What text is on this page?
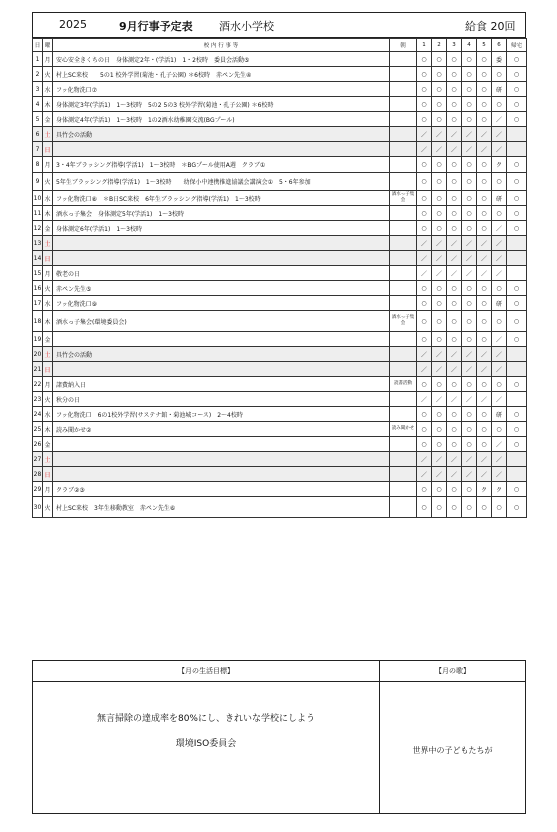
2025	9月行事予定表 酒水小学校	給食 20回
日	曜	校 内 行 事 等	朝	1	2	3	4	5	6	帰宅
1	月	安心安全きくちの日　身体測定2年・(学活1)　1・2校時　委員会活動⑤		○	○	○	○	○	委	○
2	火	村上SC来校　　5の1 校外学習(菊池・孔子公園) ＊6校時　赤ペン先生④		○	○	○	○	○	○	○
3	水	フッ化物洗口⑦		○	○	○	○	○	研	○
4	木	身体測定3年(学活1)　1～3校時　5の2 5の3 校外学習(菊池・孔子公園) ＊6校時		○	○	○	○	○	○	○
5	金	身体測定4年(学活1)　1～3校時　1の2酒水幼稚園交流(BGプール)		○	○	○	○	○	／	○
6	土	具竹会の活動		／	／	／	／	／	／	
7	日			／	／	／	／	／	／	
8	月	3・4年ブラッシング指導(学活1)　1～3校時　＊BGプール使用A週　クラブ①		○	○	○	○	○	ク	○
9	火	5年生ブラッシング指導(学活1)　1～3校時　　幼保小中連携推進協議会講演会①　5・6年参加		○	○	○	○	○	○	○
10	水	フッ化物洗口⑧　＊B日SC来校　6年生ブラッシング指導(学活1)　1～3校時	酒水っ子集会	○	○	○	○	○	研	○
11	木	酒水っ子集会　身体測定5年(学活1)　1～3校時		○	○	○	○	○	○	○
12	金	身体測定6年(学活1)　1～3校時		○	○	○	○	○	／	○
13	土			／	／	／	／	／	／	
14	日			／	／	／	／	／	／	
15	月	敬老の日		／	／	／	／	／	／	
16	火	赤ペン先生⑤		○	○	○	○	○	○	○
17	水	フッ化物洗口⑨		○	○	○	○	○	研	○
18	木	酒水っ子集会(環境委員会)	酒水っ子集会	○	○	○	○	○	○	○
19	金			○	○	○	○	○	／	○
20	土	具竹会の活動		／	／	／	／	／	／	
21	日			／	／	／	／	／	／	
22	月	諸費納入日	読書活動	○	○	○	○	○	○	○
23	火	秋分の日		／	／	／	／	／	／	
24	水	フッ化物洗口　6の1校外学習(サステナ館・菊池城コース)　2～4校時		○	○	○	○	○	研	○
25	木	読み聞かせ②	読み聞かせ	○	○	○	○	○	○	○
26	金			○	○	○	○	○	／	○
27	土			／	／	／	／	／	／	
28	日			／	／	／	／	／	／	
29	月	クラブ②③		○	○	○	○	ク	ク	○
30	火	村上SC来校　3年生移動教室　赤ペン先生⑥		○	○	○	○	○	○	○
【月の生活目標】
無言掃除の達成率を80%にし、きれいな学校にしよう
環境ISO委員会
【月の歌】
世界中の子どもたちが
